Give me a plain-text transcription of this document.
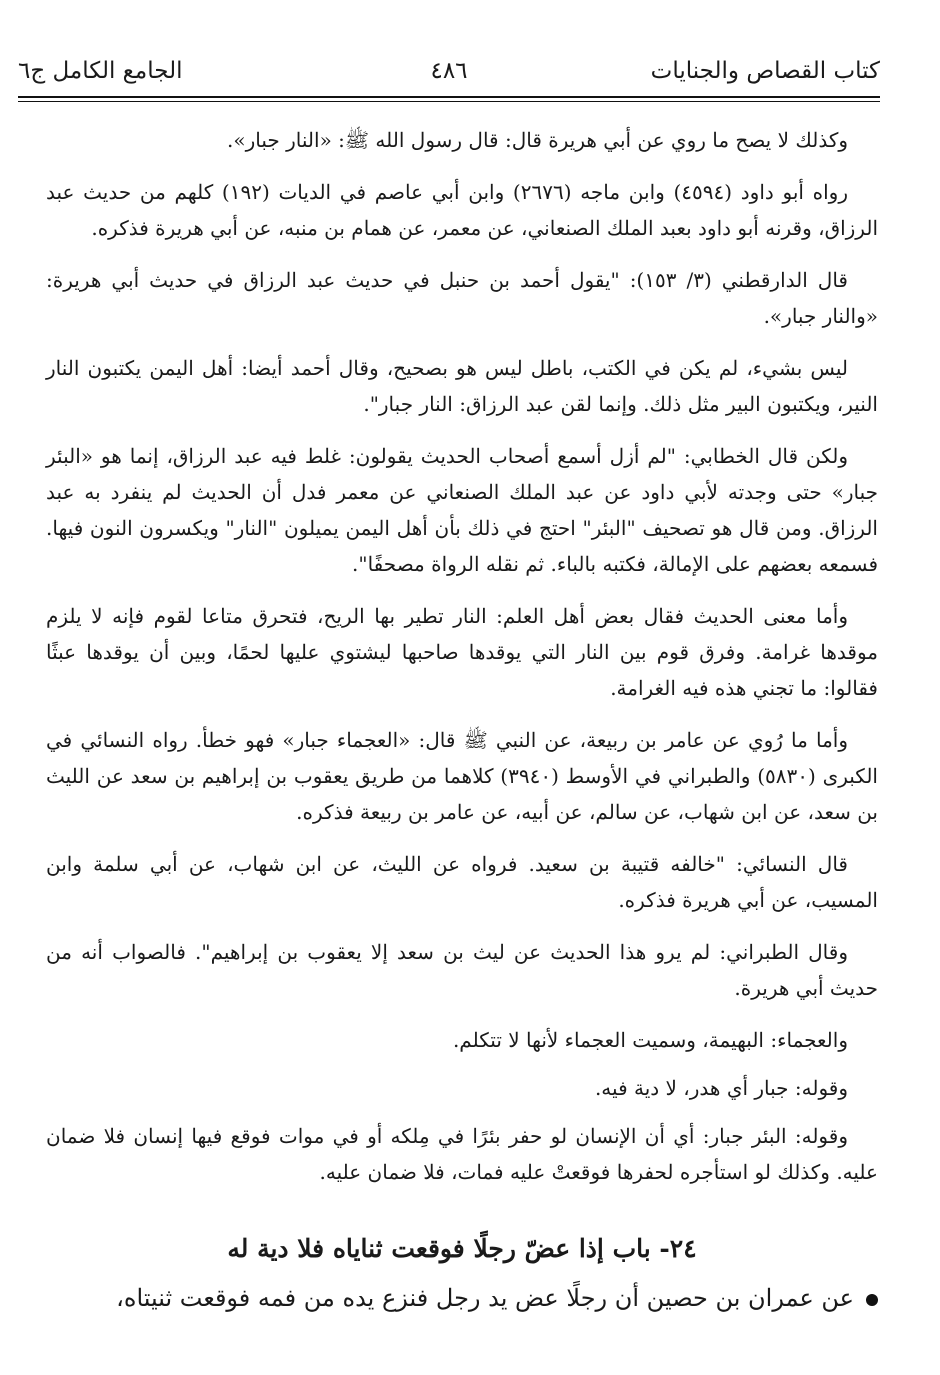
كتاب القصاص والجنايات
٤٨٦
الجامع الكامل ج٦

وكذلك لا يصح ما روي عن أبي هريرة قال: قال رسول الله ﷺ: «النار جبار».

رواه أبو داود (٤٥٩٤) وابن ماجه (٢٦٧٦) وابن أبي عاصم في الديات (١٩٢) كلهم من حديث عبد الرزاق، وقرنه أبو داود بعبد الملك الصنعاني، عن معمر، عن همام بن منبه، عن أبي هريرة فذكره.

قال الدارقطني (٣/ ١٥٣): "يقول أحمد بن حنبل في حديث عبد الرزاق في حديث أبي هريرة: «والنار جبار».

ليس بشيء، لم يكن في الكتب، باطل ليس هو بصحيح، وقال أحمد أيضا: أهل اليمن يكتبون النار النير، ويكتبون البير مثل ذلك. وإنما لقن عبد الرزاق: النار جبار".

ولكن قال الخطابي: "لم أزل أسمع أصحاب الحديث يقولون: غلط فيه عبد الرزاق، إنما هو «البئر جبار» حتى وجدته لأبي داود عن عبد الملك الصنعاني عن معمر فدل أن الحديث لم ينفرد به عبد الرزاق. ومن قال هو تصحيف "البئر" احتج في ذلك بأن أهل اليمن يميلون "النار" ويكسرون النون فيها. فسمعه بعضهم على الإمالة، فكتبه بالباء. ثم نقله الرواة مصحفًا".

وأما معنى الحديث فقال بعض أهل العلم: النار تطير بها الريح، فتحرق متاعا لقوم فإنه لا يلزم موقدها غرامة. وفرق قوم بين النار التي يوقدها صاحبها ليشتوي عليها لحمًا، وبين أن يوقدها عبثًا فقالوا: ما تجني هذه فيه الغرامة.

وأما ما رُوي عن عامر بن ربيعة، عن النبي ﷺ قال: «العجماء جبار» فهو خطأ. رواه النسائي في الكبرى (٥٨٣٠) والطبراني في الأوسط (٣٩٤٠) كلاهما من طريق يعقوب بن إبراهيم بن سعد عن الليث بن سعد، عن ابن شهاب، عن سالم، عن أبيه، عن عامر بن ربيعة فذكره.

قال النسائي: "خالفه قتيبة بن سعيد. فرواه عن الليث، عن ابن شهاب، عن أبي سلمة وابن المسيب، عن أبي هريرة فذكره.

وقال الطبراني: لم يرو هذا الحديث عن ليث بن سعد إلا يعقوب بن إبراهيم". فالصواب أنه من حديث أبي هريرة.

والعجماء: البهيمة، وسميت العجماء لأنها لا تتكلم.

وقوله: جبار أي هدر، لا دية فيه.

وقوله: البئر جبار: أي أن الإنسان لو حفر بئرًا في مِلكه أو في موات فوقع فيها إنسان فلا ضمان عليه. وكذلك لو استأجره لحفرها فوقعتْ عليه فمات، فلا ضمان عليه.

٢٤- باب إذا عضّ رجلًا فوقعت ثناياه فلا دية له
عن عمران بن حصين أن رجلًا عض يد رجل فنزع يده من فمه فوقعت ثنيتاه،
